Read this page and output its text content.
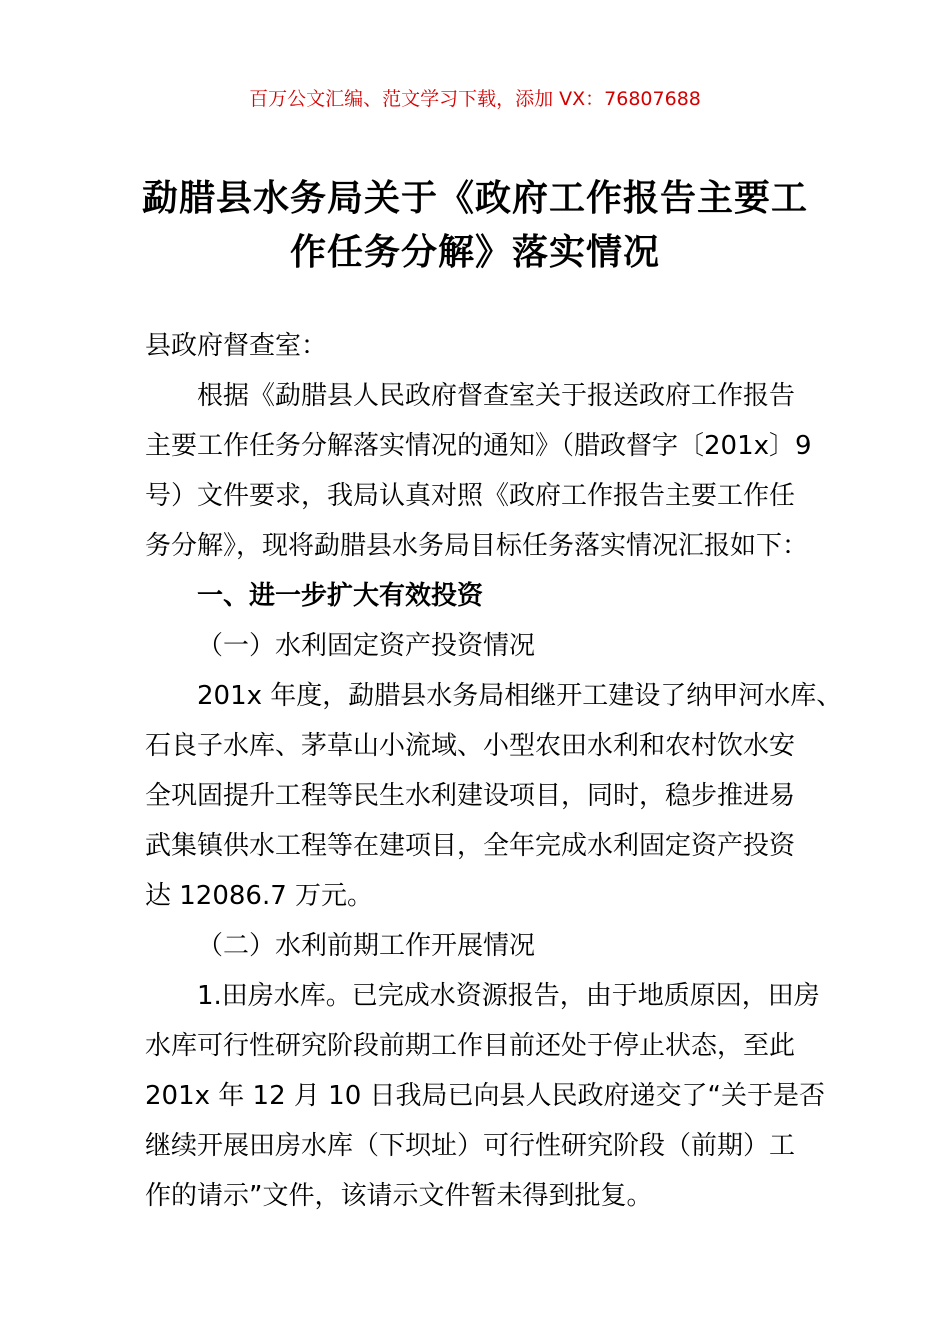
百万公文汇编、范文学习下载，添加 VX：76807688
勐腊县水务局关于《政府工作报告主要工
作任务分解》落实情况
县政府督查室：
根据《勐腊县人民政府督查室关于报送政府工作报告
主要工作任务分解落实情况的通知》（腊政督字〔201x〕9
号）文件要求，我局认真对照《政府工作报告主要工作任
务分解》，现将勐腊县水务局目标任务落实情况汇报如下：
一、进一步扩大有效投资
（一）水利固定资产投资情况
201x 年度，勐腊县水务局相继开工建设了纳甲河水库、
石良子水库、茅草山小流域、小型农田水利和农村饮水安
全巩固提升工程等民生水利建设项目，同时，稳步推进易
武集镇供水工程等在建项目，全年完成水利固定资产投资
达 12086.7 万元。
（二）水利前期工作开展情况
1.田房水库。已完成水资源报告，由于地质原因，田房
水库可行性研究阶段前期工作目前还处于停止状态，至此
201x 年 12 月 10 日我局已向县人民政府递交了“关于是否
继续开展田房水库（下坝址）可行性研究阶段（前期）工
作的请示”文件，该请示文件暂未得到批复。
